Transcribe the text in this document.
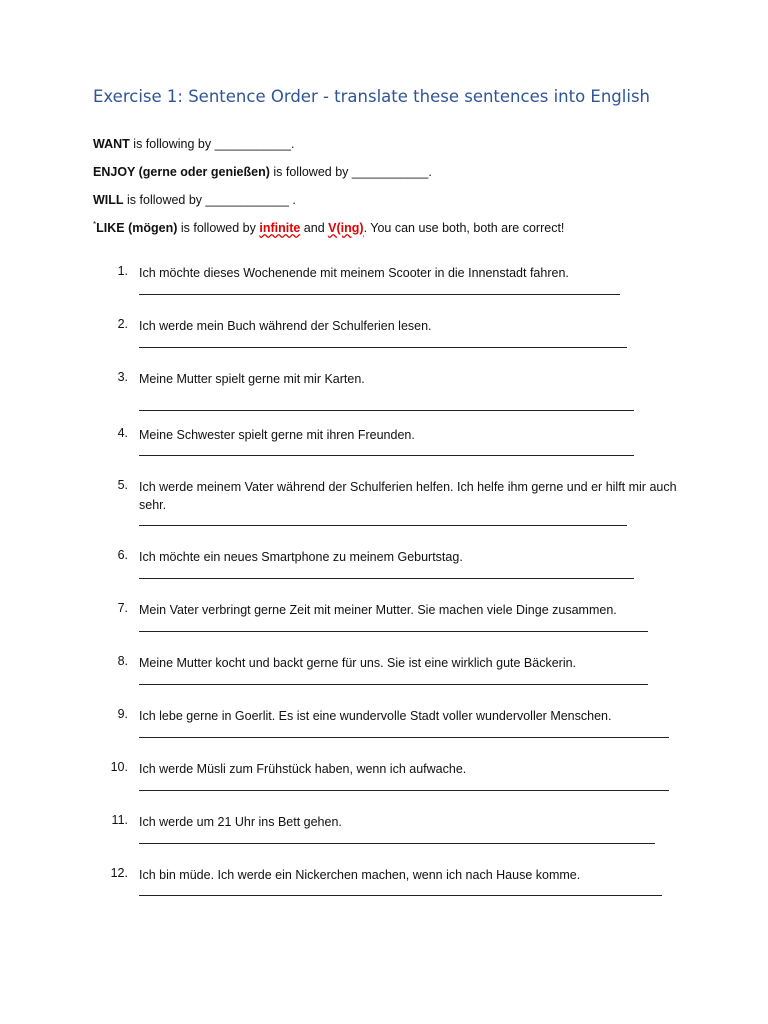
Exercise 1: Sentence Order - translate these sentences into English
WANT is following by ___________.
ENJOY (gerne oder genießen) is followed by ___________.
WILL is followed by ____________ .
*LIKE (mögen) is followed by infinite and V(ing). You can use both, both are correct!
1. Ich möchte dieses Wochenende mit meinem Scooter in die Innenstadt fahren.
2. Ich werde mein Buch während der Schulferien lesen.
3. Meine Mutter spielt gerne mit mir Karten.
4. Meine Schwester spielt gerne mit ihren Freunden.
5. Ich werde meinem Vater während der Schulferien helfen. Ich helfe ihm gerne und er hilft mir auch sehr.
6. Ich möchte ein neues Smartphone zu meinem Geburtstag.
7. Mein Vater verbringt gerne Zeit mit meiner Mutter. Sie machen viele Dinge zusammen.
8. Meine Mutter kocht und backt gerne für uns. Sie ist eine wirklich gute Bäckerin.
9. Ich lebe gerne in Goerlit. Es ist eine wundervolle Stadt voller wundervoller Menschen.
10. Ich werde Müsli zum Frühstück haben, wenn ich aufwache.
11. Ich werde um 21 Uhr ins Bett gehen.
12. Ich bin müde. Ich werde ein Nickerchen machen, wenn ich nach Hause komme.
